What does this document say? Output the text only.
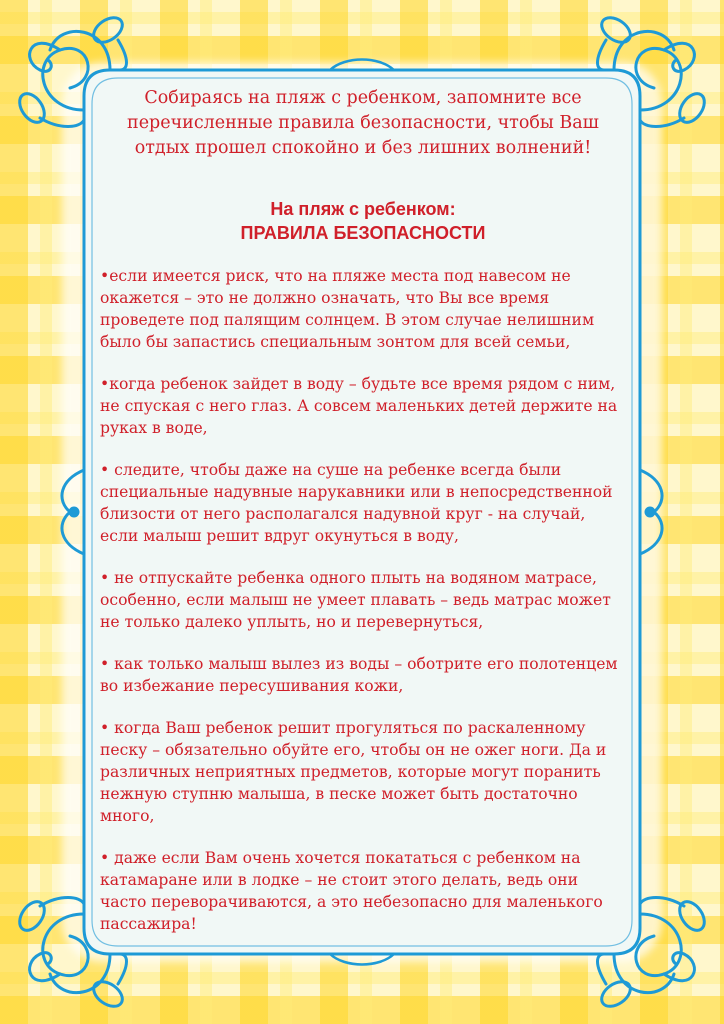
Собираясь на пляж с ребенком, запомните все перечисленные правила безопасности, чтобы Ваш отдых прошел спокойно и без лишних волнений!

На пляж с ребенком:
ПРАВИЛА БЕЗОПАСНОСТИ

•если имеется риск, что на пляже места под навесом не окажется – это не должно означать, что Вы все время проведете под палящим солнцем. В этом случае нелишним было бы запастись специальным зонтом для всей семьи,

•когда ребенок зайдет в воду – будьте все время рядом с ним, не спуская с него глаз. А совсем маленьких детей держите на руках в воде,

• следите, чтобы даже на суше на ребенке всегда были специальные надувные нарукавники или в непосредственной близости от него располагался надувной круг - на случай, если малыш решит вдруг окунуться в воду,

• не отпускайте ребенка одного плыть на водяном матрасе, особенно, если малыш не умеет плавать – ведь матрас может не только далеко уплыть, но и перевернуться,

• как только малыш вылез из воды – оботрите его полотенцем во избежание пересушивания кожи,

• когда Ваш ребенок решит прогуляться по раскаленному песку – обязательно обуйте его, чтобы он не ожег ноги. Да и различных неприятных предметов, которые могут поранить нежную ступню малыша, в песке может быть достаточно много,

• даже если Вам очень хочется покататься с ребенком на катамаране или в лодке – не стоит этого делать, ведь они часто переворачиваются, а это небезопасно для маленького пассажира!
